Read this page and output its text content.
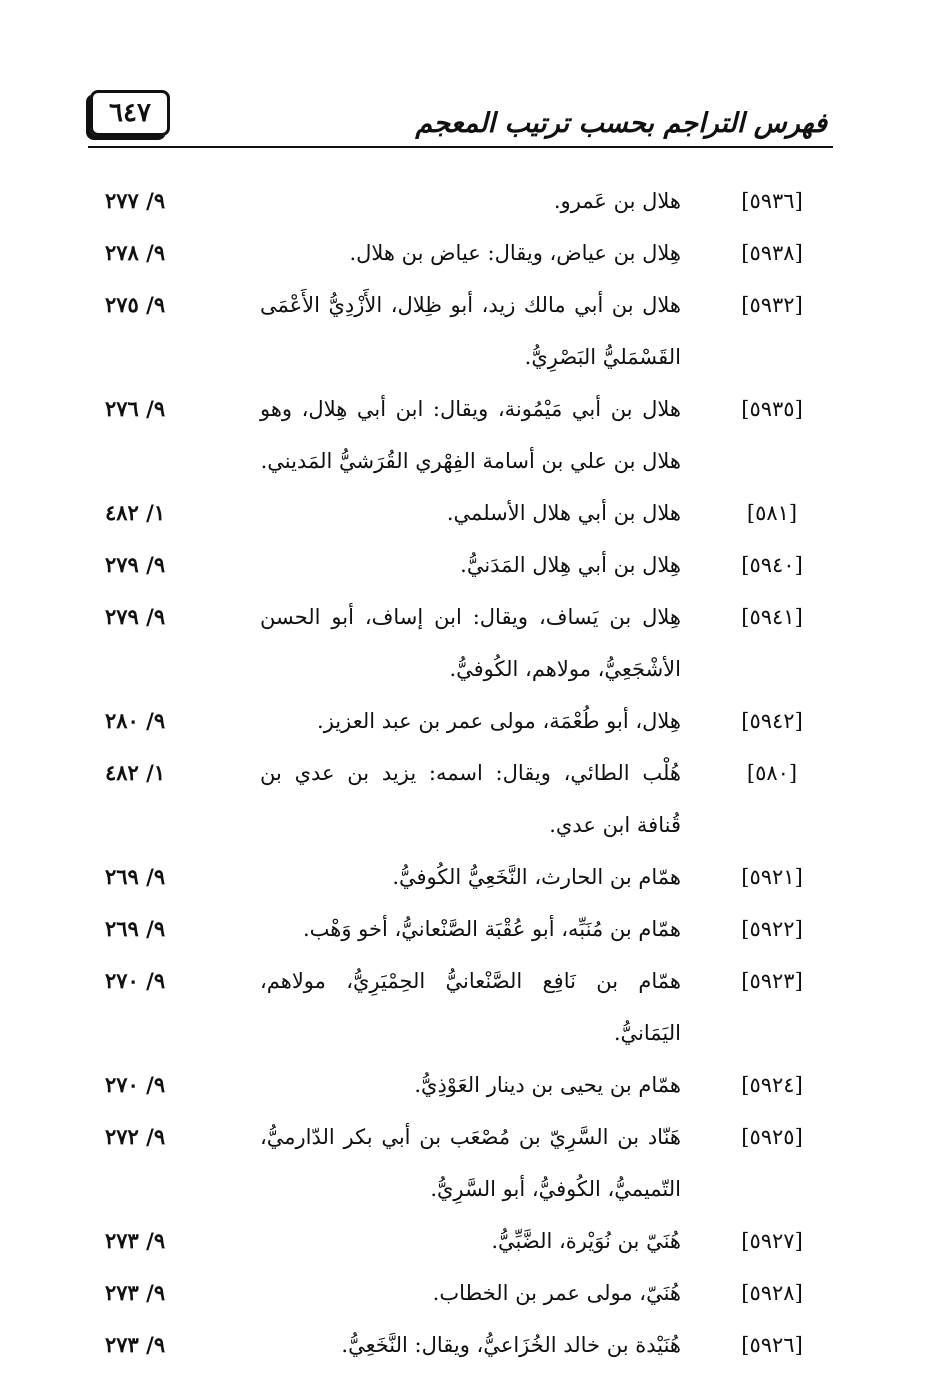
٦٤٧	فهرس التراجم بحسب ترتيب المعجم
[٥٩٣٦]
هلال بن عَمرو.
٩/ ٢٧٧
[٥٩٣٨]
هِلال بن عياض، ويقال: عياض بن هلال.
٩/ ٢٧٨
[٥٩٣٢]
هلال بن أبي مالك زيد، أبو ظِلال، الأَزْدِيُّ الأَعْمَى القَسْمَليُّ البَصْرِيُّ.
٩/ ٢٧٥
[٥٩٣٥]
هلال بن أبي مَيْمُونة، ويقال: ابن أبي هِلال، وهو هلال بن علي بن أسامة الفِهْري القُرَشيُّ المَديني.
٩/ ٢٧٦
[٥٨١]
هلال بن أبي هلال الأسلمي.
١/ ٤٨٢
[٥٩٤٠]
هِلال بن أبي هِلال المَدَنيُّ.
٩/ ٢٧٩
[٥٩٤١]
هِلال بن يَساف، ويقال: ابن إساف، أبو الحسن الأشْجَعِيُّ، مولاهم، الكُوفيُّ.
٩/ ٢٧٩
[٥٩٤٢]
هِلال، أبو طُعْمَة، مولى عمر بن عبد العزيز.
٩/ ٢٨٠
[٥٨٠]
هُلْب الطائي، ويقال: اسمه: يزيد بن عدي بن قُنافة ابن عدي.
١/ ٤٨٢
[٥٩٢١]
همّام بن الحارث، النَّخَعِيُّ الكُوفيُّ.
٩/ ٢٦٩
[٥٩٢٢]
همّام بن مُنَبِّه، أبو عُقْبَة الصَّنْعانيُّ، أخو وَهْب.
٩/ ٢٦٩
[٥٩٢٣]
همّام بن نَافِع الصَّنْعانيُّ الحِمْيَرِيُّ، مولاهم، اليَمَانيُّ.
٩/ ٢٧٠
[٥٩٢٤]
همّام بن يحيى بن دينار العَوْذِيُّ.
٩/ ٢٧٠
[٥٩٢٥]
هَنّاد بن السَّرِيّ بن مُصْعَب بن أبي بكر الدّارميُّ، التّميميُّ، الكُوفيُّ، أبو السَّرِيُّ.
٩/ ٢٧٢
[٥٩٢٧]
هُنَيّ بن نُوَيْرة، الضَّبِّيُّ.
٩/ ٢٧٣
[٥٩٢٨]
هُنَيّ، مولى عمر بن الخطاب.
٩/ ٢٧٣
[٥٩٢٦]
هُنَيْدة بن خالد الخُزَاعيُّ، ويقال: النَّخَعِيُّ.
٩/ ٢٧٣
